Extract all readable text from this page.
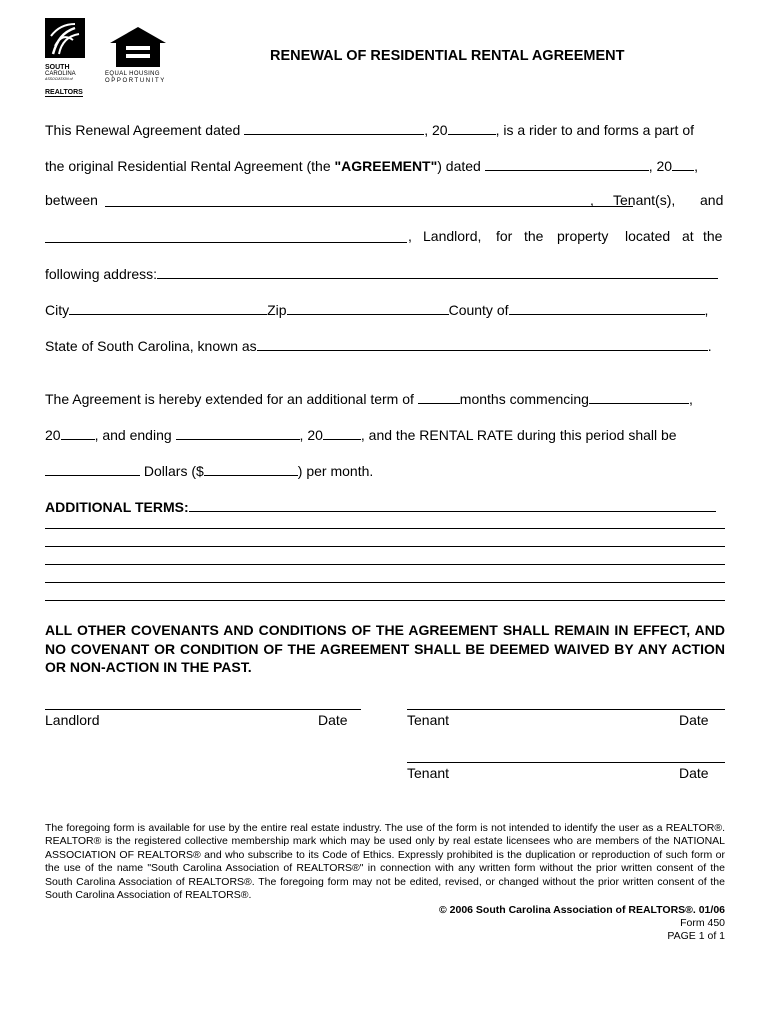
SOUTH
CAROLINA
ASSOCIATION of
REALTORS
EQUAL HOUSING
OPPORTUNITY
RENEWAL OF RESIDENTIAL RENTAL AGREEMENT
This Renewal Agreement dated	, 20	, is a rider to and forms a part of
the original Residential Rental Agreement (the "AGREEMENT") dated	, 20 ,
between	, Tenant(s), and
, Landlord, for the property located at the
following address:
City	Zip	County of	,
State of South Carolina, known as	.
The Agreement is hereby extended for an additional term of	months commencing	,
20 , and ending	, 20	, and the RENTAL RATE during this period shall be
Dollars ($	) per month.
ADDITIONAL TERMS:
ALL OTHER COVENANTS AND CONDITIONS OF THE AGREEMENT SHALL REMAIN IN EFFECT, AND NO COVENANT OR CONDITION OF THE AGREEMENT SHALL BE DEEMED WAIVED BY ANY ACTION OR NON-ACTION IN THE PAST.
Landlord	Date	Tenant	Date
Tenant	Date
The foregoing form is available for use by the entire real estate industry. The use of the form is not intended to identify the user as a REALTOR®. REALTOR® is the registered collective membership mark which may be used only by real estate licensees who are members of the NATIONAL ASSOCIATION OF REALTORS® and who subscribe to its Code of Ethics. Expressly prohibited is the duplication or reproduction of such form or the use of the name "South Carolina Association of REALTORS®" in connection with any written form without the prior written consent of the South Carolina Association of REALTORS®. The foregoing form may not be edited, revised, or changed without the prior written consent of the South Carolina Association of REALTORS®.
© 2006 South Carolina Association of REALTORS®. 01/06
Form 450
PAGE 1 of 1
